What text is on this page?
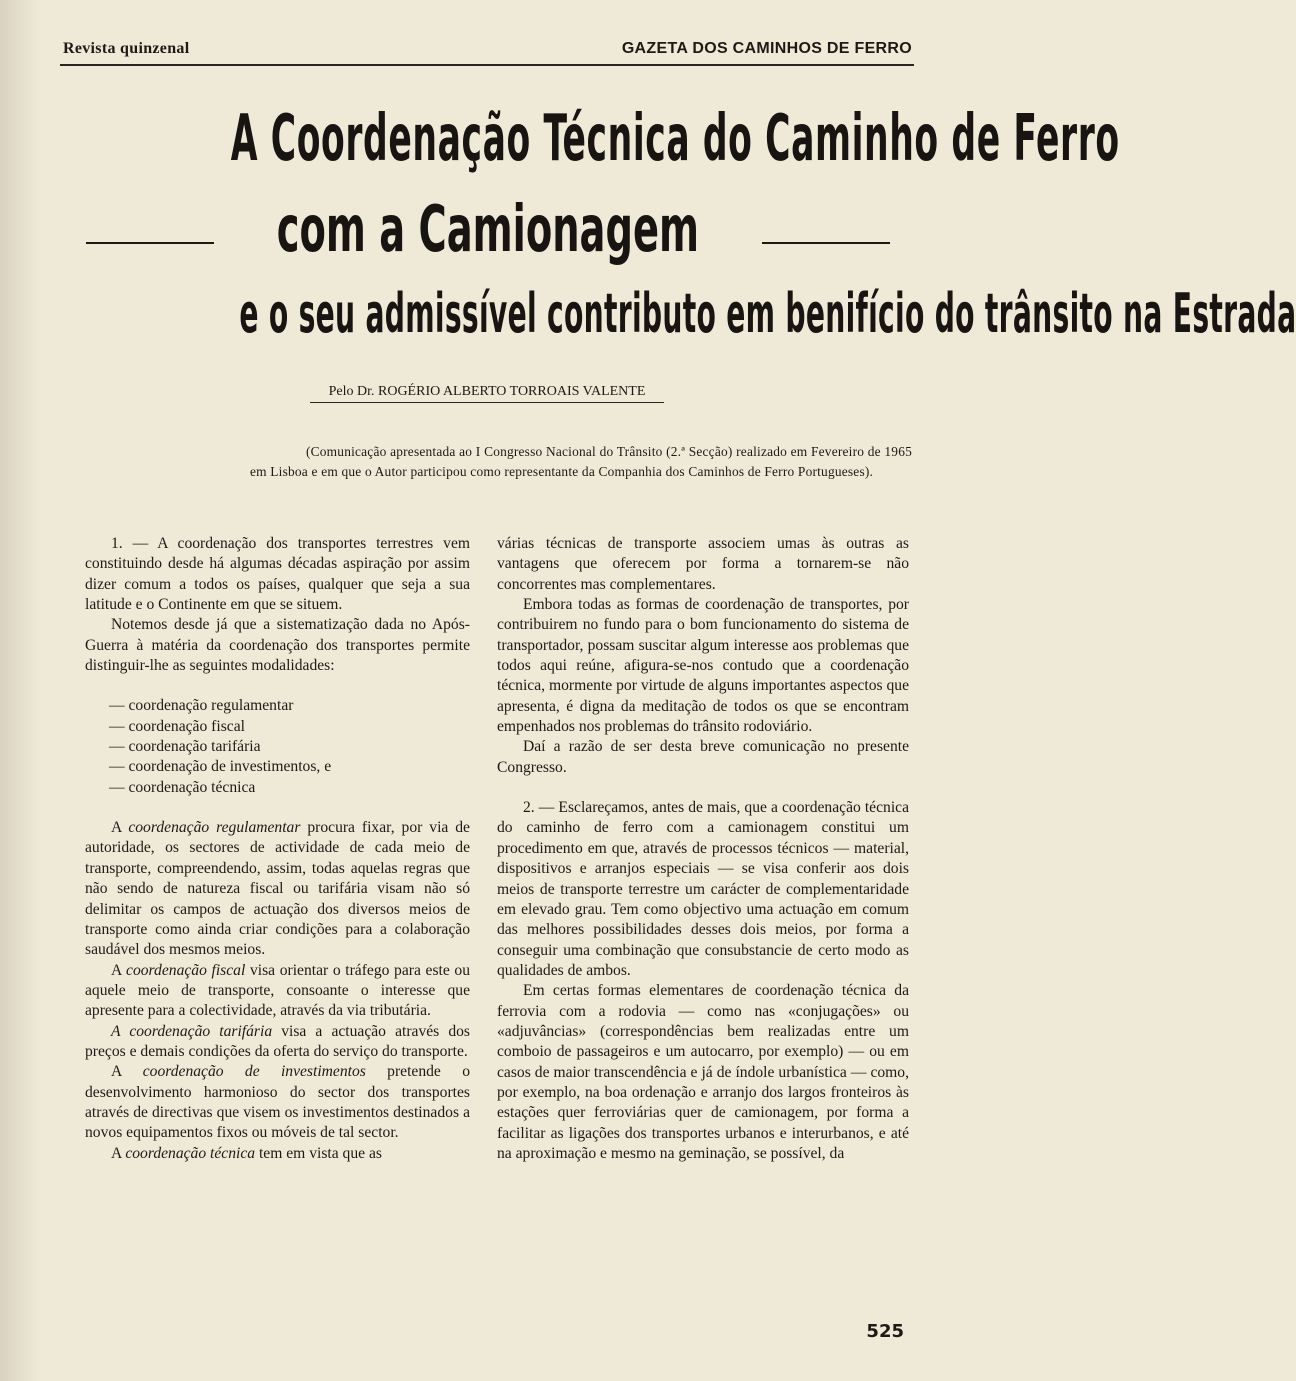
Revista quinzenal	GAZETA DOS CAMINHOS DE FERRO
A Coordenação Técnica do Caminho de Ferro
com a Camionagem
e o seu admissível contributo em benifício do trânsito na Estrada
Pelo Dr. ROGÉRIO ALBERTO TORROAIS VALENTE
(Comunicação apresentada ao I Congresso Nacional do Trânsito (2.ª Secção) realizado em Fevereiro de 1965 em Lisboa e em que o Autor participou como representante da Companhia dos Caminhos de Ferro Portugueses).

1. — A coordenação dos transportes terrestres vem constituindo desde há algumas décadas aspiração por assim dizer comum a todos os países, qualquer que seja a sua latitude e o Continente em que se situem.

Notemos desde já que a sistematização dada no Após-Guerra à matéria da coordenação dos transportes permite distinguir-lhe as seguintes modalidades:

— coordenação regulamentar
— coordenação fiscal
— coordenação tarifária
— coordenação de investimentos, e
— coordenação técnica

A coordenação regulamentar procura fixar, por via de autoridade, os sectores de actividade de cada meio de transporte, compreendendo, assim, todas aquelas regras que não sendo de natureza fiscal ou tarifária visam não só delimitar os campos de actuação dos diversos meios de transporte como ainda criar condições para a colaboração saudável dos mesmos meios.

A coordenação fiscal visa orientar o tráfego para este ou aquele meio de transporte, consoante o interesse que apresente para a colectividade, através da via tributária.

A coordenação tarifária visa a actuação através dos preços e demais condições da oferta do serviço do transporte.

A coordenação de investimentos pretende o desenvolvimento harmonioso do sector dos transportes através de directivas que visem os investimentos destinados a novos equipamentos fixos ou móveis de tal sector.

A coordenação técnica tem em vista que as

várias técnicas de transporte associem umas às outras as vantagens que oferecem por forma a tornarem-se não concorrentes mas complementares.

Embora todas as formas de coordenação de transportes, por contribuirem no fundo para o bom funcionamento do sistema de transportador, possam suscitar algum interesse aos problemas que todos aqui reúne, afigura-se-nos contudo que a coordenação técnica, mormente por virtude de alguns importantes aspectos que apresenta, é digna da meditação de todos os que se encontram empenhados nos problemas do trânsito rodoviário.

Daí a razão de ser desta breve comunicação no presente Congresso.

2. — Esclareçamos, antes de mais, que a coordenação técnica do caminho de ferro com a camionagem constitui um procedimento em que, através de processos técnicos — material, dispositivos e arranjos especiais — se visa conferir aos dois meios de transporte terrestre um carácter de complementaridade em elevado grau. Tem como objectivo uma actuação em comum das melhores possibilidades desses dois meios, por forma a conseguir uma combinação que consubstancie de certo modo as qualidades de ambos.

Em certas formas elementares de coordenação técnica da ferrovia com a rodovia — como nas «conjugações» ou «adjuvâncias» (correspondências bem realizadas entre um comboio de passageiros e um autocarro, por exemplo) — ou em casos de maior transcendência e já de índole urbanística — como, por exemplo, na boa ordenação e arranjo dos largos fronteiros às estações quer ferroviárias quer de camionagem, por forma a facilitar as ligações dos transportes urbanos e interurbanos, e até na aproximação e mesmo na geminação, se possível, da

525
